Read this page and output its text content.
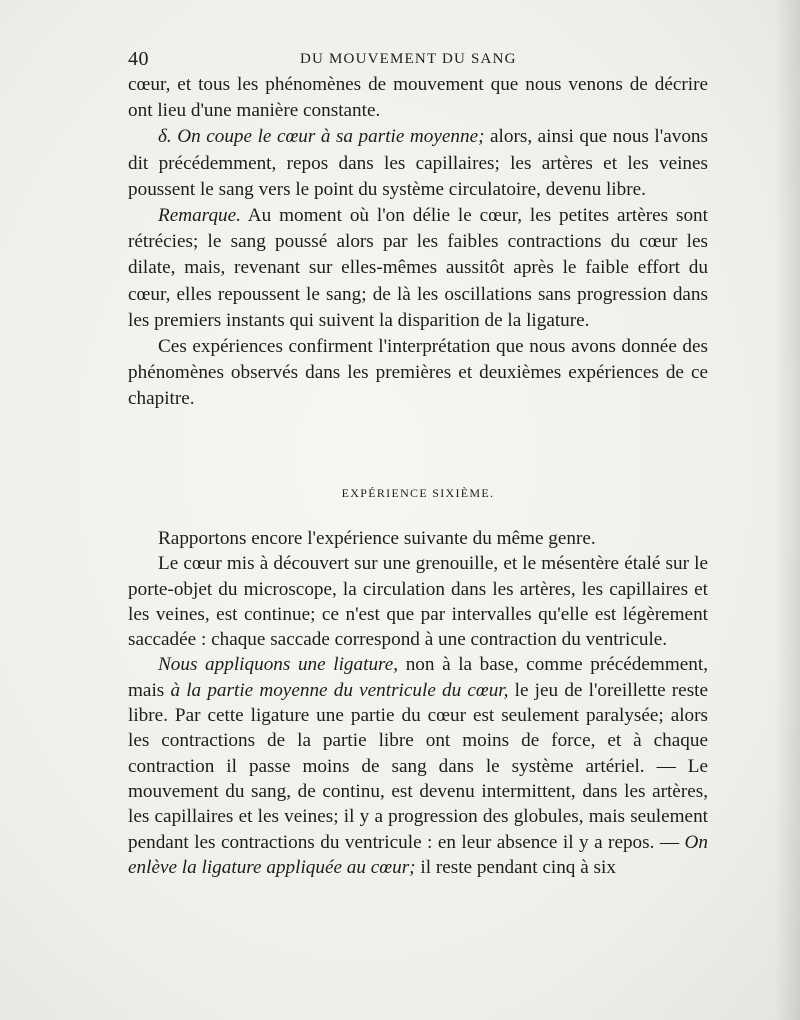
40	DU MOUVEMENT DU SANG

cœur, et tous les phénomènes de mouvement que nous venons de décrire ont lieu d'une manière constante.

δ. On coupe le cœur à sa partie moyenne; alors, ainsi que nous l'avons dit précédemment, repos dans les capillaires; les artères et les veines poussent le sang vers le point du système circulatoire, devenu libre.

Remarque. Au moment où l'on délie le cœur, les petites artères sont rétrécies; le sang poussé alors par les faibles contractions du cœur les dilate, mais, revenant sur elles-mêmes aussitôt après le faible effort du cœur, elles repoussent le sang; de là les oscillations sans progression dans les premiers instants qui suivent la disparition de la ligature.

Ces expériences confirment l'interprétation que nous avons donnée des phénomènes observés dans les premières et deuxièmes expériences de ce chapitre.

EXPÉRIENCE SIXIÈME.

Rapportons encore l'expérience suivante du même genre.

Le cœur mis à découvert sur une grenouille, et le mésentère étalé sur le porte-objet du microscope, la circulation dans les artères, les capillaires et les veines, est continue; ce n'est que par intervalles qu'elle est légèrement saccadée : chaque saccade correspond à une contraction du ventricule.

Nous appliquons une ligature, non à la base, comme précédemment, mais à la partie moyenne du ventricule du cœur, le jeu de l'oreillette reste libre. Par cette ligature une partie du cœur est seulement paralysée; alors les contractions de la partie libre ont moins de force, et à chaque contraction il passe moins de sang dans le système artériel. — Le mouvement du sang, de continu, est devenu intermittent, dans les artères, les capillaires et les veines; il y a progression des globules, mais seulement pendant les contractions du ventricule : en leur absence il y a repos. — On enlève la ligature appliquée au cœur; il reste pendant cinq à six
